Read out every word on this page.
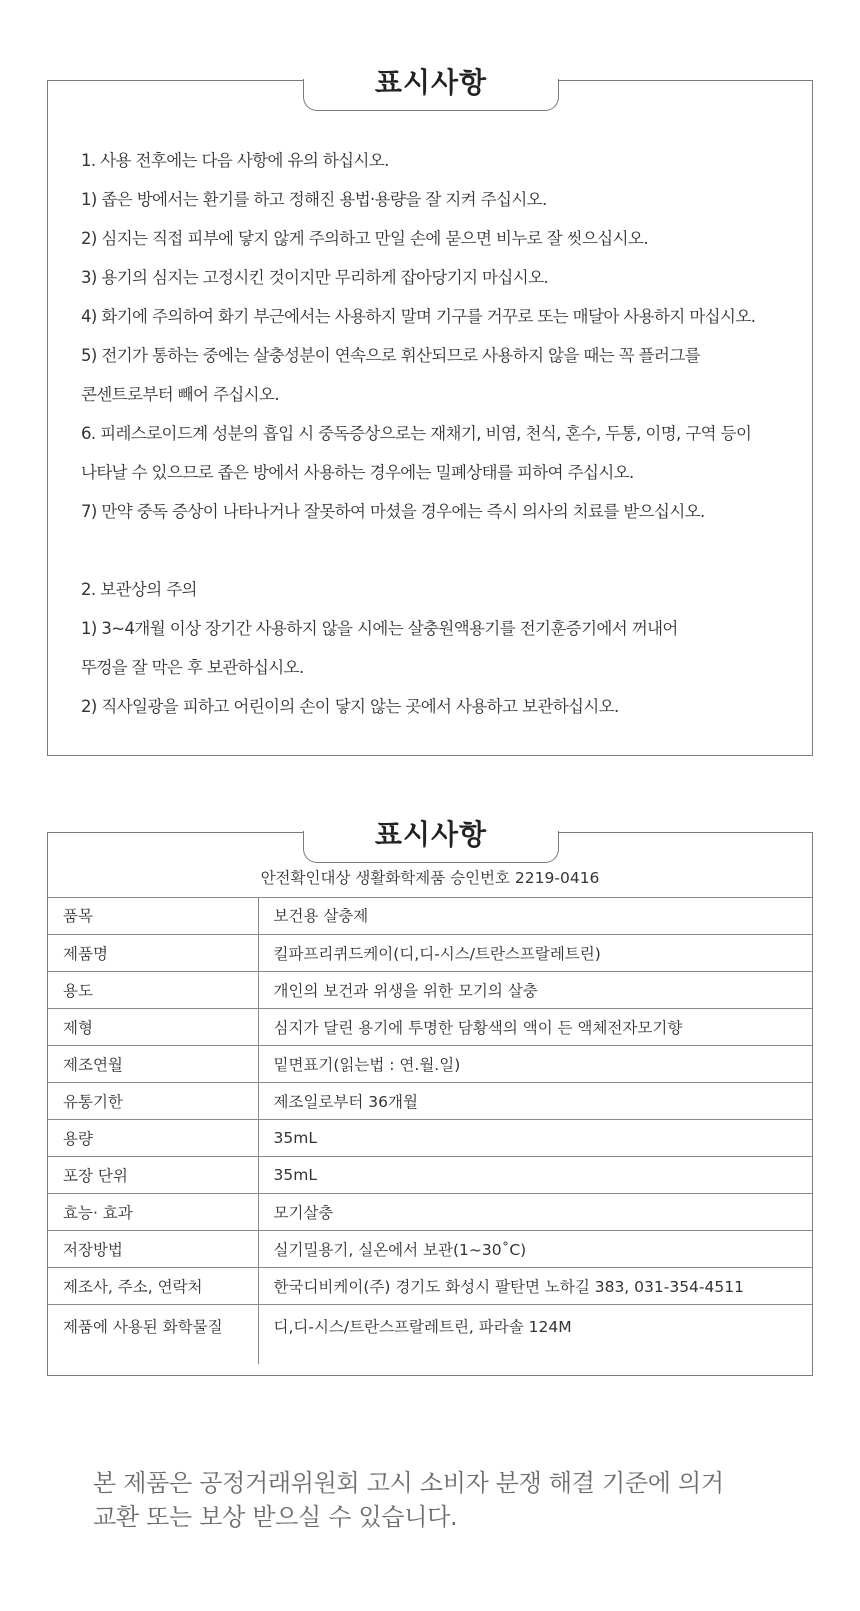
표시사항
1. 사용 전후에는 다음 사항에 유의 하십시오.
1) 좁은 방에서는 환기를 하고 정해진 용법·용량을 잘 지켜 주십시오.
2) 심지는 직접 피부에 닿지 않게 주의하고 만일 손에 묻으면 비누로 잘 씻으십시오.
3) 용기의 심지는 고정시킨 것이지만 무리하게 잡아당기지 마십시오.
4) 화기에 주의하여 화기 부근에서는 사용하지 말며 기구를 거꾸로 또는 매달아 사용하지 마십시오.
5) 전기가 통하는 중에는 살충성분이 연속으로 휘산되므로 사용하지 않을 때는 꼭 플러그를
콘센트로부터 빼어 주십시오.
6. 피레스로이드계 성분의 흡입 시 중독증상으로는 재채기, 비염, 천식, 혼수, 두통, 이명, 구역 등이
나타날 수 있으므로 좁은 방에서 사용하는 경우에는 밀폐상태를 피하여 주십시오.
7) 만약 중독 증상이 나타나거나 잘못하여 마셨을 경우에는 즉시 의사의 치료를 받으십시오.
2. 보관상의 주의
1) 3~4개월 이상 장기간 사용하지 않을 시에는 살충원액용기를 전기훈증기에서 꺼내어
뚜껑을 잘 막은 후 보관하십시오.
2) 직사일광을 피하고 어린이의 손이 닿지 않는 곳에서 사용하고 보관하십시오.
표시사항
안전확인대상 생활화학제품 승인번호 2219-0416
품목	보건용 살충제
제품명	킬파프리퀴드케이(디,디-시스/트란스프랄레트린)
용도	개인의 보건과 위생을 위한 모기의 살충
제형	심지가 달린 용기에 투명한 담황색의 액이 든 액체전자모기향
제조연월	밑면표기(읽는법 : 연.월.일)
유통기한	제조일로부터 36개월
용량	35mL
포장 단위	35mL
효능· 효과	모기살충
저장방법	실기밀용기, 실온에서 보관(1~30˚C)
제조사, 주소, 연락처	한국디비케이(주) 경기도 화성시 팔탄면 노하길 383, 031-354-4511
제품에 사용된 화학물질	디,디-시스/트란스프랄레트린, 파라솔 124M
본 제품은 공정거래위원회 고시 소비자 분쟁 해결 기준에 의거
교환 또는 보상 받으실 수 있습니다.
